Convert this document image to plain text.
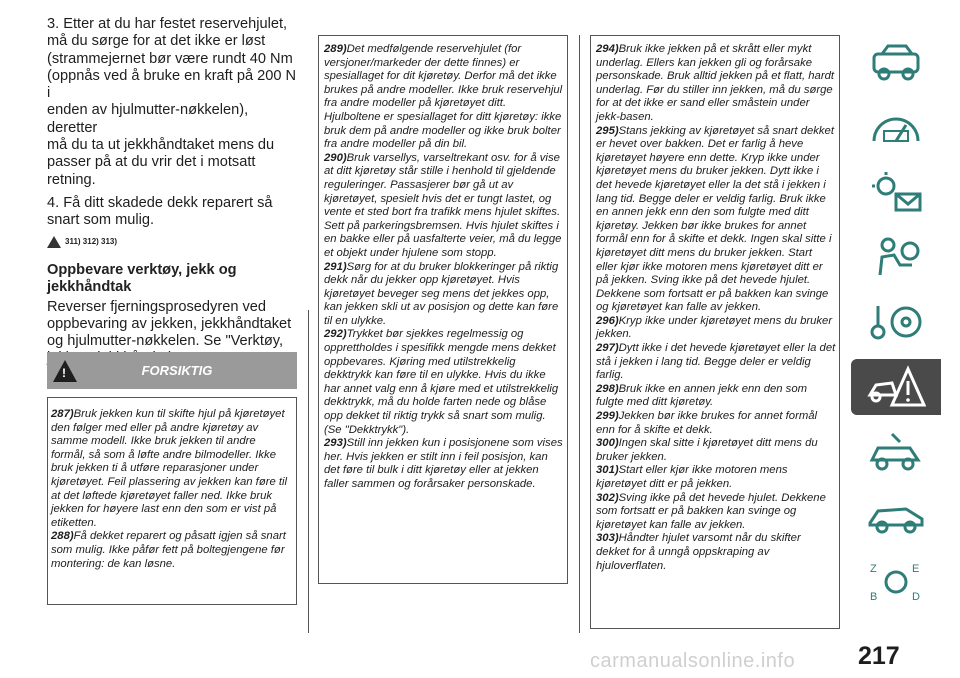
3. Etter at du har festet reservehjulet,
må du sørge for at det ikke er løst
(strammejernet bør være rundt 40 Nm
(oppnås ved å bruke en kraft på 200 N i
enden av hjulmutter-nøkkelen), deretter
må du ta ut jekkhåndtaket mens du
passer på at du vrir det i motsatt
retning.

4. Få ditt skadede dekk reparert så
snart som mulig.

311) 312) 313)
Oppbevare verktøy, jekk og
jekkhåndtak

Reverser fjerningsprosedyren ved
oppbevaring av jekken, jekkhåndtaket
og hjulmutter-nøkkelen. Se "Verktøy,

!	FORSIKTIG

287)Bruk jekken kun til skifte hjul på kjøretøyet den følger med eller på andre kjøretøy av samme modell. Ikke bruk jekken til andre formål, så som å løfte andre bilmodeller. Ikke bruk jekken ti å utføre reparasjoner under kjøretøyet. Feil plassering av jekken kan føre til at det løftede kjøretøyet faller ned. Ikke bruk jekken for høyere last enn den som er vist på etiketten.

288)Få dekket reparert og påsatt igjen så snart som mulig. Ikke påfør fett på boltegjengene før montering: de kan løsne.

289)Det medfølgende reservehjulet (for versjoner/markeder der dette finnes) er spesiallaget for dit kjøretøy. Derfor må det ikke brukes på andre modeller. Ikke bruk reservehjul fra andre modeller på kjøretøyet ditt. Hjulboltene er spesiallaget for ditt kjøretøy: ikke bruk dem på andre modeller og ikke bruk bolter fra andre modeller på din bil.

290)Bruk varsellys, varseltrekant osv. for å vise at ditt kjøretøy står stille i henhold til gjeldende reguleringer. Passasjerer bør gå ut av kjøretøyet, spesielt hvis det er tungt lastet, og vente et sted bort fra trafikk mens hjulet skiftes. Sett på parkeringsbremsen. Hvis hjulet skiftes i en bakke eller på uasfalterte veier, må du legge et objekt under hjulene som stopp.

291)Sørg for at du bruker blokkeringer på riktig dekk når du jekker opp kjøretøyet. Hvis kjøretøyet beveger seg mens det jekkes opp, kan jekken skli ut av posisjon og dette kan føre til en ulykke.

292)Trykket bør sjekkes regelmessig og opprettholdes i spesifikk mengde mens dekket oppbevares. Kjøring med utilstrekkelig dekktrykk kan føre til en ulykke. Hvis du ikke har annet valg enn å kjøre med et utilstrekkelig dekktrykk, må du holde farten nede og blåse opp dekket til riktig trykk så snart som mulig. (Se "Dekktrykk").

293)Still inn jekken kun i posisjonene som vises her. Hvis jekken er stilt inn i feil posisjon, kan det føre til bulk i ditt kjøretøy eller at jekken faller sammen og forårsaker personskade.

294)Bruk ikke jekken på et skrått eller mykt underlag. Ellers kan jekken gli og forårsake personskade. Bruk alltid jekken på et flatt, hardt underlag. Før du stiller inn jekken, må du sørge for at det ikke er sand eller småstein under jekk-basen.

295)Stans jekking av kjøretøyet så snart dekket er hevet over bakken. Det er farlig å heve kjøretøyet høyere enn dette. Kryp ikke under kjøretøyet mens du bruker jekken. Dytt ikke i det hevede kjøretøyet eller la det stå i jekken i lang tid. Begge deler er veldig farlig. Bruk ikke en annen jekk enn den som fulgte med ditt kjøretøy. Jekken bør ikke brukes for annet formål enn for å skifte et dekk. Ingen skal sitte i kjøretøyet ditt mens du bruker jekken. Start eller kjør ikke motoren mens kjøretøyet ditt er på jekken. Sving ikke på det hevede hjulet. Dekkene som fortsatt er på bakken kan svinge og kjøretøyet kan falle av jekken.

296)Kryp ikke under kjøretøyet mens du bruker jekken.

297)Dytt ikke i det hevede kjøretøyet eller la det stå i jekken i lang tid. Begge deler er veldig farlig.

298)Bruk ikke en annen jekk enn den som fulgte med ditt kjøretøy.

299)Jekken bør ikke brukes for annet formål enn for å skifte et dekk.

300)Ingen skal sitte i kjøretøyet ditt mens du bruker jekken.

301)Start eller kjør ikke motoren mens kjøretøyet ditt er på jekken.

302)Sving ikke på det hevede hjulet. Dekkene som fortsatt er på bakken kan svinge og kjøretøyet kan falle av jekken.

303)Håndter hjulet varsomt når du skifter dekket for å unngå oppskraping av hjuloverflaten.	Z	E
B	D
217
carmanualsonline.info
